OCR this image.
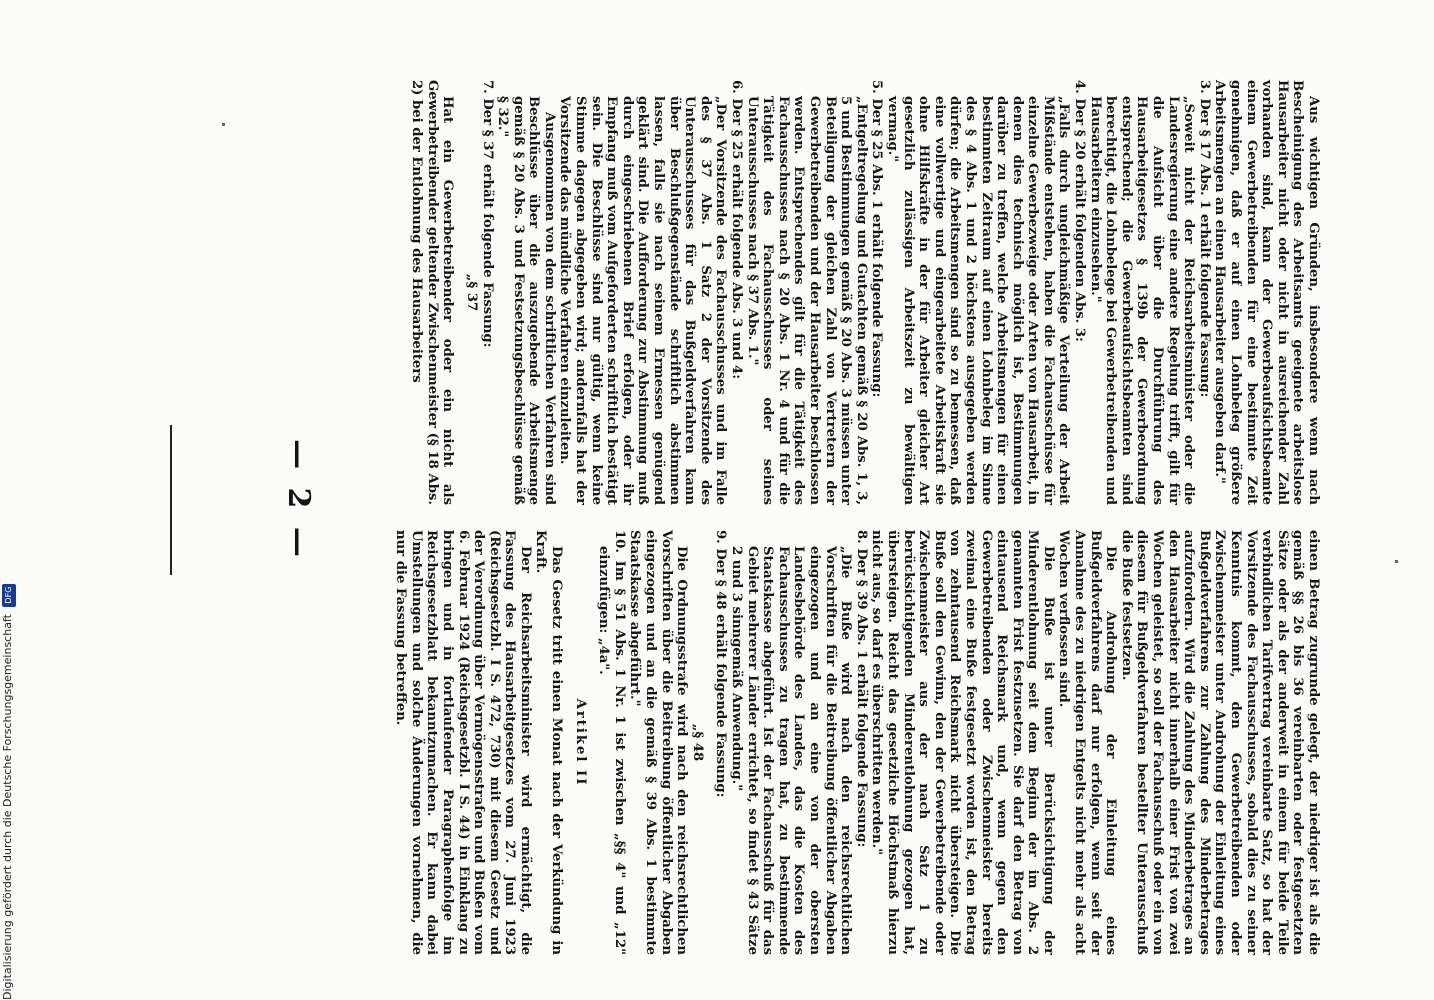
— 2 —	Aus wichtigen Gründen, insbesondere wenn nach Bescheinigung des Arbeitsamts geeignete arbeitslose Hausarbeiter nicht oder nicht in ausreichender Zahl vorhanden sind, kann der Gewerbeaufsichtsbeamte einem Gewerbetreibenden für eine bestimmte Zeit genehmigen, daß er auf einen Lohnbeleg größere Arbeitsmengen an einen Hausarbeiter ausgeben darf."

3. Der § 17 Abs. 1 erhält folgende Fassung:

„Soweit nicht der Reichsarbeitsminister oder die Landesregierung eine andere Regelung trifft, gilt für die Aufsicht über die Durchführung des Hausarbeitgesetzes § 139b der Gewerbeordnung entsprechend; die Gewerbeaufsichtsbeamten sind berechtigt, die Lohnbelege bei Gewerbetreibenden und Hausarbeitern einzusehen."

4. Der § 20 erhält folgenden Abs. 3:

„Falls durch ungleichmäßige Verteilung der Arbeit Mißstände entstehen, haben die Fachausschüsse für einzelne Gewerbezweige oder Arten von Hausarbeit, in denen dies technisch möglich ist, Bestimmungen darüber zu treffen, welche Arbeitsmengen für einen bestimmten Zeitraum auf einen Lohnbeleg im Sinne des § 4 Abs. 1 und 2 höchstens ausgegeben werden dürfen; die Arbeitsmengen sind so zu bemessen, daß eine vollwertige und eingearbeitete Arbeitskraft sie ohne Hilfskräfte in der für Arbeiter gleicher Art gesetzlich zulässigen Arbeitszeit zu bewältigen vermag."

5. Der § 25 Abs. 1 erhält folgende Fassung:

„Entgeltregelung und Gutachten gemäß § 20 Abs. 1, 3, 5 und Bestimmungen gemäß § 20 Abs. 3 müssen unter Beteiligung der gleichen Zahl von Vertretern der Gewerbetreibenden und der Hausarbeiter beschlossen werden. Entsprechendes gilt für die Tätigkeit des Fachausschusses nach § 20 Abs. 1 Nr. 4 und für die Tätigkeit des Fachausschusses oder seines Unterausschusses nach § 37 Abs. 1."

6. Der § 25 erhält folgende Abs. 3 und 4:

„Der Vorsitzende des Fachausschusses und im Falle des § 37 Abs. 1 Satz 2 der Vorsitzende des Unterausschusses für das Bußgeldverfahren kann über Beschlußgegenstände schriftlich abstimmen lassen, falls sie nach seinem Ermessen genügend geklärt sind. Die Aufforderung zur Abstimmung muß durch eingeschriebenen Brief erfolgen, oder ihr Empfang muß vom Aufgeforderten schriftlich bestätigt sein. Die Beschlüsse sind nur gültig, wenn keine Stimme dagegen abgegeben wird; andernfalls hat der Vorsitzende das mündliche Verfahren einzuleiten.

Ausgenommen von dem schriftlichen Verfahren sind Beschlüsse über die auszugebende Arbeitsmenge gemäß § 20 Abs. 3 und Festsetzungsbeschlüsse gemäß § 32."

7. Der § 37 erhält folgende Fassung:

„§ 37

Hat ein Gewerbetreibender oder ein nicht als Gewerbetreibender geltender Zwischenmeister (§ 18 Abs. 2) bei der Entlohnung des Hausarbeiters

einen Betrag zugrunde gelegt, der niedriger ist als die gemäß §§ 26 bis 36 vereinbarten oder festgesetzten Sätze oder als der anderweit in einem für beide Teile verbindlichen Tarifvertrag vereinbarte Satz, so hat der Vorsitzende des Fachausschusses, sobald dies zu seiner Kenntnis kommt, den Gewerbetreibenden oder Zwischenmeister unter Androhung der Einleitung eines Bußgeldverfahrens zur Zahlung des Minderbetrages aufzufordern. Wird die Zahlung des Minderbetrages an den Hausarbeiter nicht innerhalb einer Frist von zwei Wochen geleistet, so soll der Fachausschuß oder ein von diesem für Bußgeldverfahren bestellter Unterausschuß die Buße festsetzen.

Die Androhung der Einleitung eines Bußgeldverfahrens darf nur erfolgen, wenn seit der Annahme des zu niedrigen Entgelts nicht mehr als acht Wochen verflossen sind.

Die Buße ist unter Berücksichtigung der Minderentlohnung seit dem Beginn der im Abs. 2 genannten Frist festzusetzen. Sie darf den Betrag von eintausend Reichsmark und, wenn gegen den Gewerbetreibenden oder Zwischenmeister bereits zweimal eine Buße festgesetzt worden ist, den Betrag von zehntausend Reichsmark nicht übersteigen. Die Buße soll den Gewinn, den der Gewerbetreibende oder Zwischenmeister aus der nach Satz 1 zu berücksichtigenden Minderentlohnung gezogen hat, übersteigen. Reicht das gesetzliche Höchstmaß hierzu nicht aus, so darf es überschritten werden."

8. Der § 39 Abs. 1 erhält folgende Fassung:

„Die Buße wird nach den reichsrechtlichen Vorschriften für die Beitreibung öffentlicher Abgaben eingezogen und an eine von der obersten Landesbehörde des Landes, das die Kosten des Fachausschusses zu tragen hat, zu bestimmende Staatskasse abgeführt. Ist der Fachausschuß für das Gebiet mehrerer Länder errichtet, so findet § 43 Sätze 2 und 3 sinngemäß Anwendung."

9. Der § 48 erhält folgende Fassung:

„§ 48

Die Ordnungsstrafe wird nach den reichsrechtlichen Vorschriften über die Beitreibung öffentlicher Abgaben eingezogen und an die gemäß § 39 Abs. 1 bestimmte Staatskasse abgeführt."

10. Im § 51 Abs. 1 Nr. 1 ist zwischen „§§ 4" und „12" einzufügen: „4a".

Artikel II

Das Gesetz tritt einen Monat nach der Verkündung in Kraft.

Der Reichsarbeitsminister wird ermächtigt, die Fassung des Hausarbeitgesetzes vom 27. Juni 1923 (Reichsgesetzbl. I S. 472, 730) mit diesem Gesetz und der Verordnung über Vermögensstrafen und Bußen vom 6. Februar 1924 (Reichsgesetzbl. I S. 44) in Einklang zu bringen und in fortlaufender Paragraphenfolge im Reichsgesetzblatt bekanntzumachen. Er kann dabei Umstellungen und solche Änderungen vornehmen, die nur die Fassung betreffen.

Digitalisierung gefördert durch die Deutsche Forschungsgemeinschaft DFG
